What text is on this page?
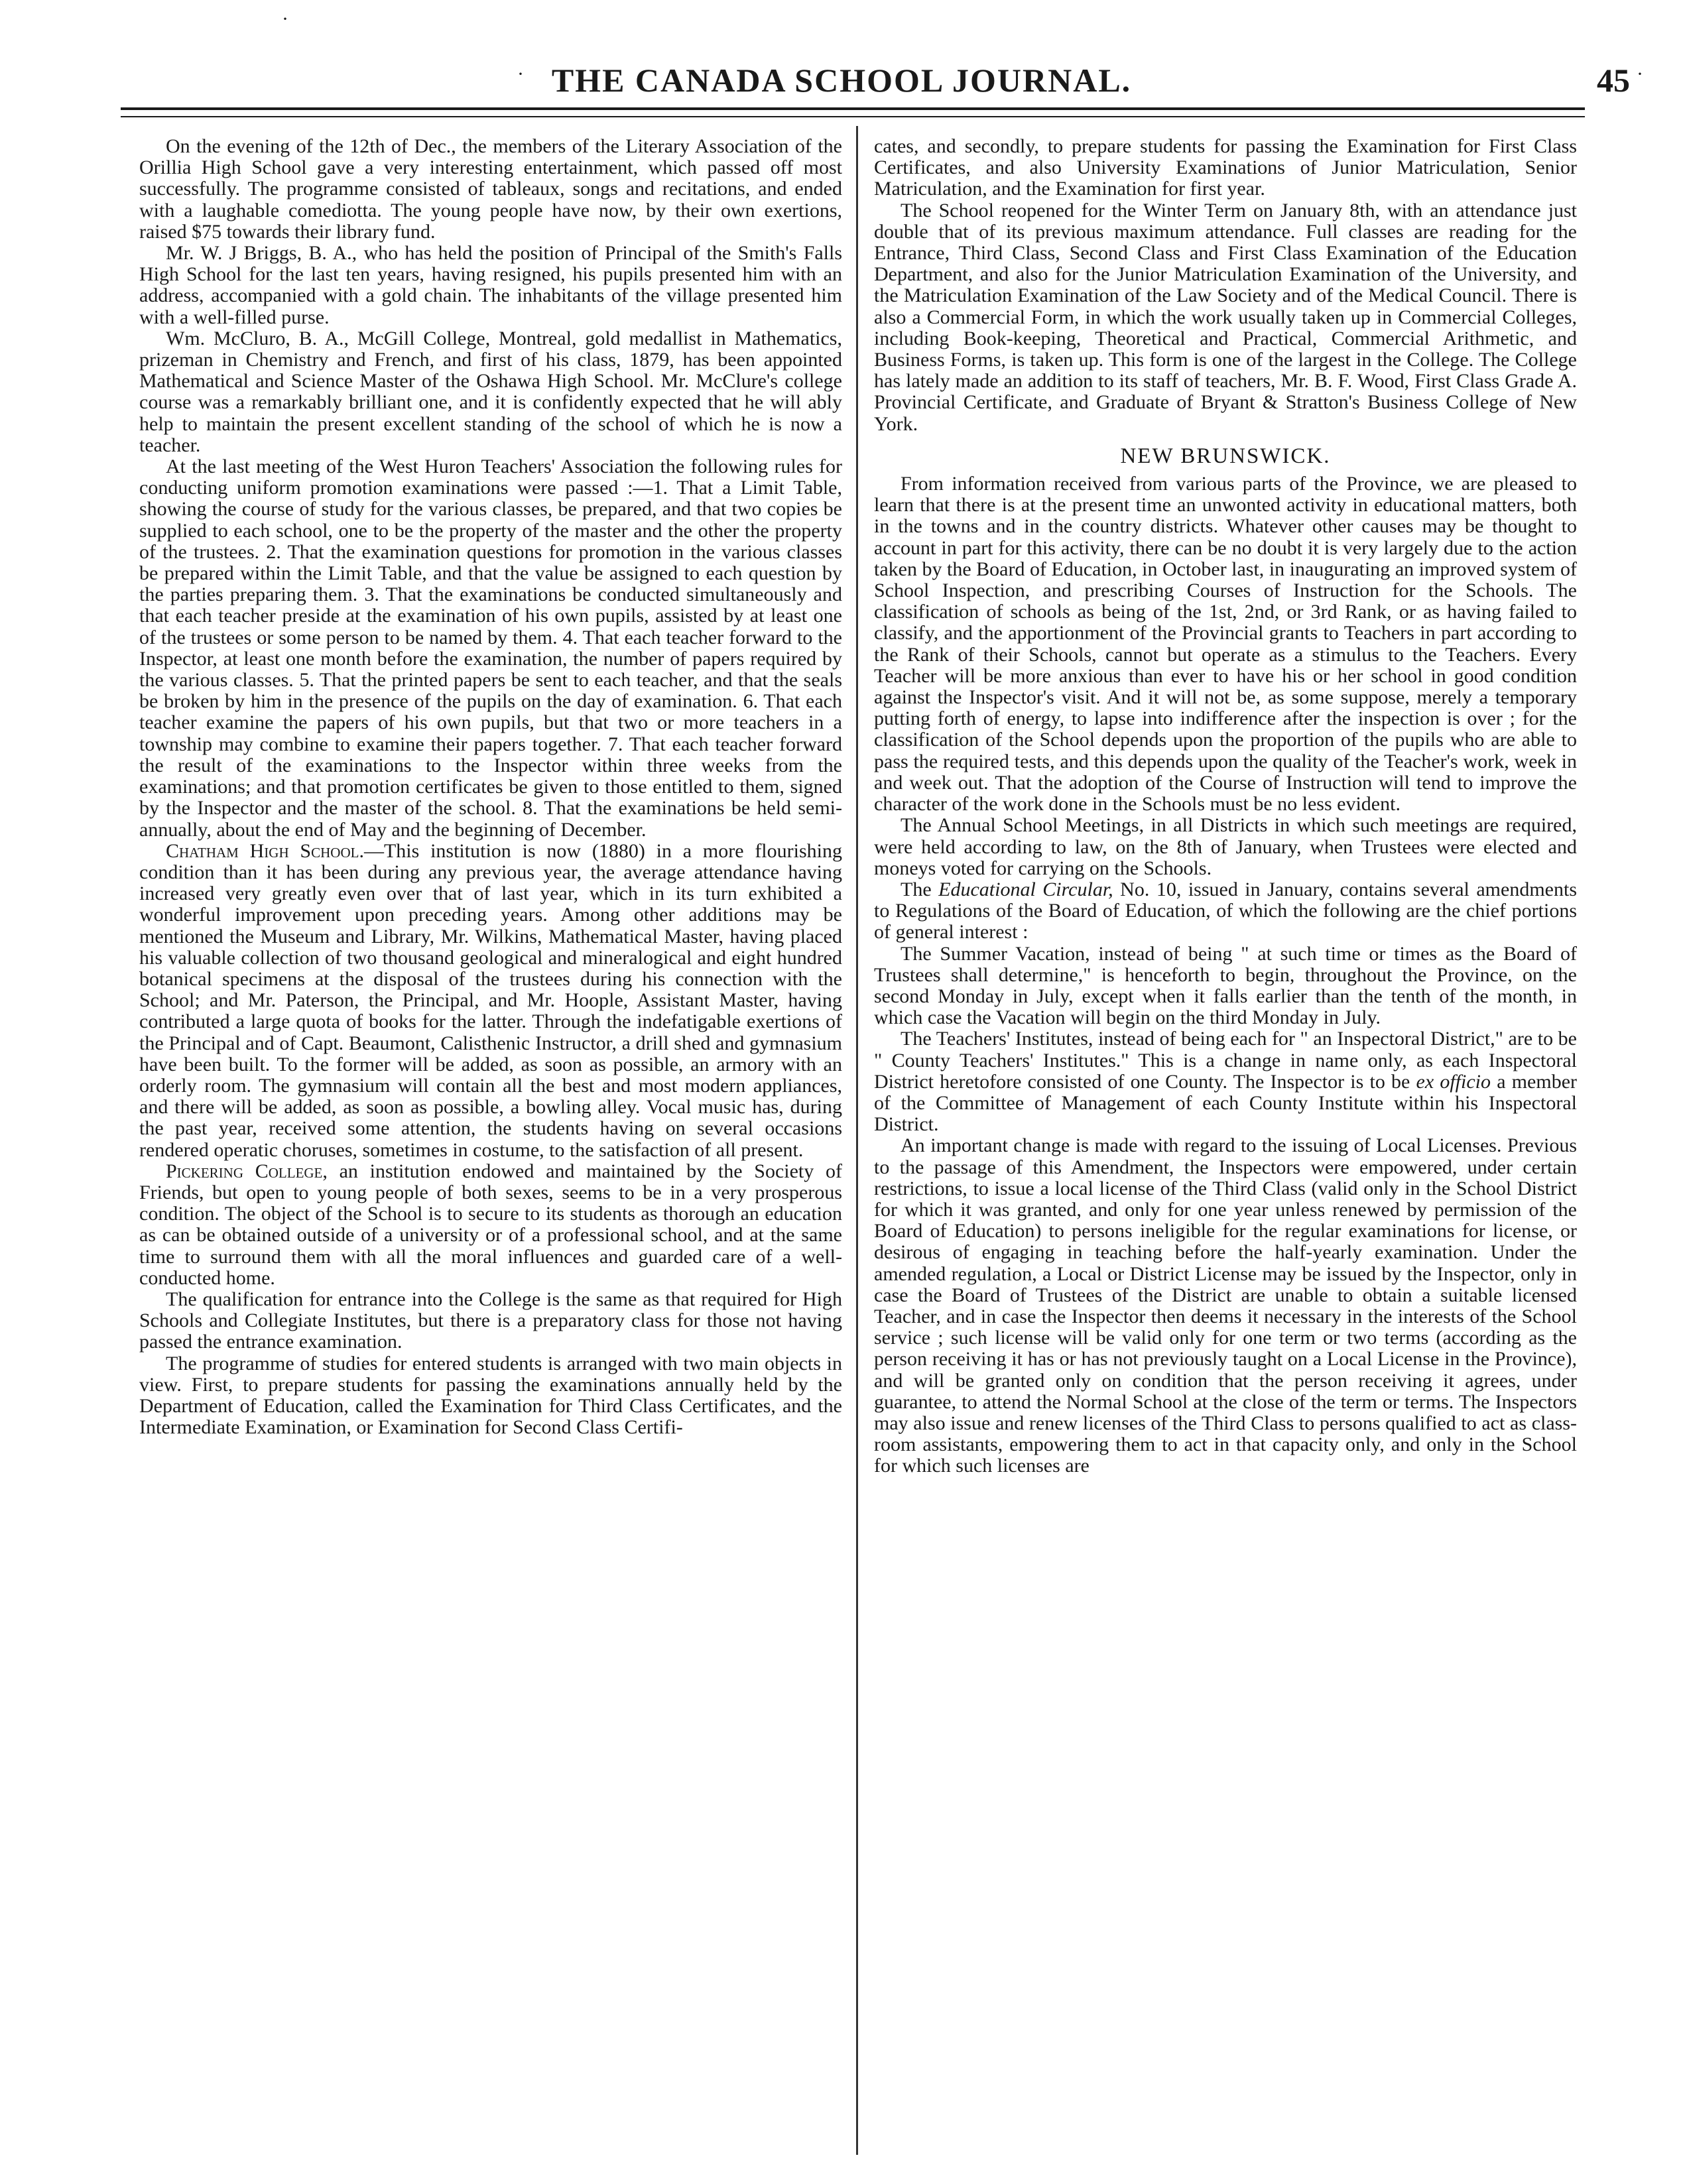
·
·	·
THE CANADA SCHOOL JOURNAL.	45

On the evening of the 12th of Dec., the members of the Literary Association of the Orillia High School gave a very interesting entertainment, which passed off most successfully. The programme consisted of tableaux, songs and recitations, and ended with a laughable comediotta. The young people have now, by their own exertions, raised $75 towards their library fund.

Mr. W. J Briggs, B. A., who has held the position of Principal of the Smith's Falls High School for the last ten years, having resigned, his pupils presented him with an address, accompanied with a gold chain. The inhabitants of the village presented him with a well-filled purse.

Wm. McCluro, B. A., McGill College, Montreal, gold medallist in Mathematics, prizeman in Chemistry and French, and first of his class, 1879, has been appointed Mathematical and Science Master of the Oshawa High School. Mr. McClure's college course was a remarkably brilliant one, and it is confidently expected that he will ably help to maintain the present excellent standing of the school of which he is now a teacher.

At the last meeting of the West Huron Teachers' Association the following rules for conducting uniform promotion examinations were passed :—1. That a Limit Table, showing the course of study for the various classes, be prepared, and that two copies be supplied to each school, one to be the property of the master and the other the property of the trustees. 2. That the examination questions for promotion in the various classes be prepared within the Limit Table, and that the value be assigned to each question by the parties preparing them. 3. That the examinations be conducted simultaneously and that each teacher preside at the examination of his own pupils, assisted by at least one of the trustees or some person to be named by them. 4. That each teacher forward to the Inspector, at least one month before the examination, the number of papers required by the various classes. 5. That the printed papers be sent to each teacher, and that the seals be broken by him in the presence of the pupils on the day of examination. 6. That each teacher examine the papers of his own pupils, but that two or more teachers in a township may combine to examine their papers together. 7. That each teacher forward the result of the examinations to the Inspector within three weeks from the examinations; and that promotion certificates be given to those entitled to them, signed by the Inspector and the master of the school. 8. That the examinations be held semi-annually, about the end of May and the beginning of December.

Chatham High School.—This institution is now (1880) in a more flourishing condition than it has been during any previous year, the average attendance having increased very greatly even over that of last year, which in its turn exhibited a wonderful improvement upon preceding years. Among other additions may be mentioned the Museum and Library, Mr. Wilkins, Mathematical Master, having placed his valuable collection of two thousand geological and mineralogical and eight hundred botanical specimens at the disposal of the trustees during his connection with the School; and Mr. Paterson, the Principal, and Mr. Hoople, Assistant Master, having contributed a large quota of books for the latter. Through the indefatigable exertions of the Principal and of Capt. Beaumont, Calisthenic Instructor, a drill shed and gymnasium have been built. To the former will be added, as soon as possible, an armory with an orderly room. The gymnasium will contain all the best and most modern appliances, and there will be added, as soon as possible, a bowling alley. Vocal music has, during the past year, received some attention, the students having on several occasions rendered operatic choruses, sometimes in costume, to the satisfaction of all present.

Pickering College, an institution endowed and maintained by the Society of Friends, but open to young people of both sexes, seems to be in a very prosperous condition. The object of the School is to secure to its students as thorough an education as can be obtained outside of a university or of a professional school, and at the same time to surround them with all the moral influences and guarded care of a well-conducted home.

The qualification for entrance into the College is the same as that required for High Schools and Collegiate Institutes, but there is a preparatory class for those not having passed the entrance examination.

The programme of studies for entered students is arranged with two main objects in view. First, to prepare students for passing the examinations annually held by the Department of Education, called the Examination for Third Class Certificates, and the Intermediate Examination, or Examination for Second Class Certifi-

cates, and secondly, to prepare students for passing the Examination for First Class Certificates, and also University Examinations of Junior Matriculation, Senior Matriculation, and the Examination for first year.

The School reopened for the Winter Term on January 8th, with an attendance just double that of its previous maximum attendance. Full classes are reading for the Entrance, Third Class, Second Class and First Class Examination of the Education Department, and also for the Junior Matriculation Examination of the University, and the Matriculation Examination of the Law Society and of the Medical Council. There is also a Commercial Form, in which the work usually taken up in Commercial Colleges, including Book-keeping, Theoretical and Practical, Commercial Arithmetic, and Business Forms, is taken up. This form is one of the largest in the College. The College has lately made an addition to its staff of teachers, Mr. B. F. Wood, First Class Grade A. Provincial Certificate, and Graduate of Bryant & Stratton's Business College of New York.

NEW BRUNSWICK.

From information received from various parts of the Province, we are pleased to learn that there is at the present time an unwonted activity in educational matters, both in the towns and in the country districts. Whatever other causes may be thought to account in part for this activity, there can be no doubt it is very largely due to the action taken by the Board of Education, in October last, in inaugurating an improved system of School Inspection, and prescribing Courses of Instruction for the Schools. The classification of schools as being of the 1st, 2nd, or 3rd Rank, or as having failed to classify, and the apportionment of the Provincial grants to Teachers in part according to the Rank of their Schools, cannot but operate as a stimulus to the Teachers. Every Teacher will be more anxious than ever to have his or her school in good condition against the Inspector's visit. And it will not be, as some suppose, merely a temporary putting forth of energy, to lapse into indifference after the inspection is over ; for the classification of the School depends upon the proportion of the pupils who are able to pass the required tests, and this depends upon the quality of the Teacher's work, week in and week out. That the adoption of the Course of Instruction will tend to improve the character of the work done in the Schools must be no less evident.

The Annual School Meetings, in all Districts in which such meetings are required, were held according to law, on the 8th of January, when Trustees were elected and moneys voted for carrying on the Schools.

The Educational Circular, No. 10, issued in January, contains several amendments to Regulations of the Board of Education, of which the following are the chief portions of general interest :

The Summer Vacation, instead of being " at such time or times as the Board of Trustees shall determine," is henceforth to begin, throughout the Province, on the second Monday in July, except when it falls earlier than the tenth of the month, in which case the Vacation will begin on the third Monday in July.

The Teachers' Institutes, instead of being each for " an Inspectoral District," are to be " County Teachers' Institutes." This is a change in name only, as each Inspectoral District heretofore consisted of one County. The Inspector is to be ex officio a member of the Committee of Management of each County Institute within his Inspectoral District.

An important change is made with regard to the issuing of Local Licenses. Previous to the passage of this Amendment, the Inspectors were empowered, under certain restrictions, to issue a local license of the Third Class (valid only in the School District for which it was granted, and only for one year unless renewed by permission of the Board of Education) to persons ineligible for the regular examinations for license, or desirous of engaging in teaching before the half-yearly examination. Under the amended regulation, a Local or District License may be issued by the Inspector, only in case the Board of Trustees of the District are unable to obtain a suitable licensed Teacher, and in case the Inspector then deems it necessary in the interests of the School service ; such license will be valid only for one term or two terms (according as the person receiving it has or has not previously taught on a Local License in the Province), and will be granted only on condition that the person receiving it agrees, under guarantee, to attend the Normal School at the close of the term or terms. The Inspectors may also issue and renew licenses of the Third Class to persons qualified to act as class-room assistants, empowering them to act in that capacity only, and only in the School for which such licenses are
